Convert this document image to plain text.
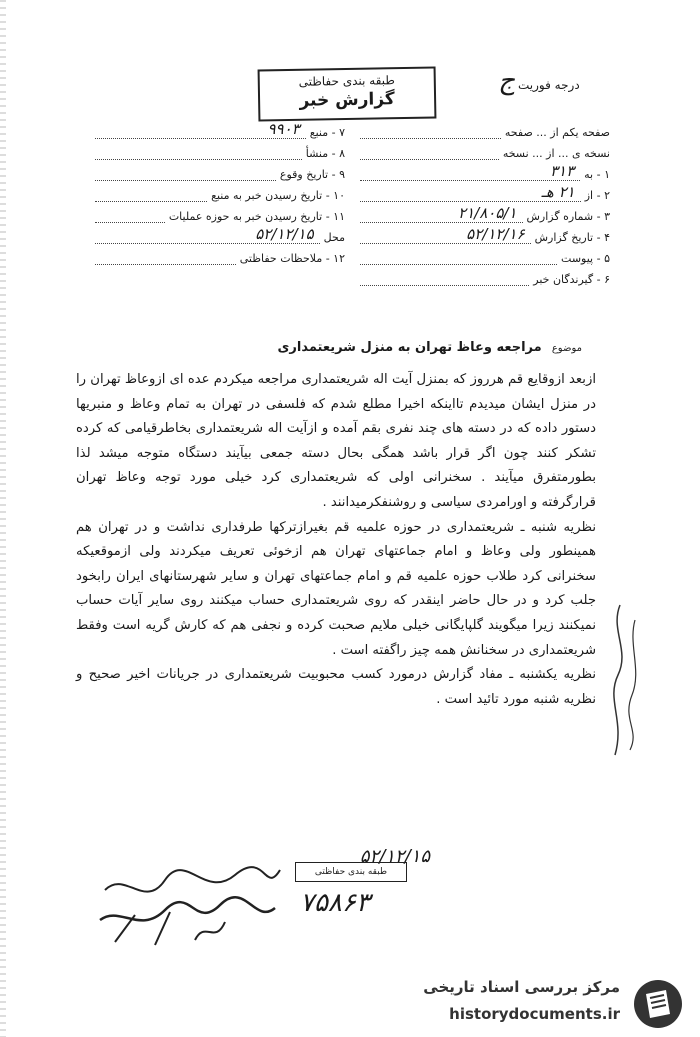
درجه فوریت
ج
طبقه بندی حفاظتی
گزارش خبر
صفحه یکم از ... صفحه
نسخه ی ... از ... نسخه
۱ - به
۳۱۳
۲ - از
۲۱ هـ
۳ - شماره گزارش
۲۱/۸۰۵/۱
۴ - تاریخ گزارش
۵۲/۱۲/۱۶
۵ - پیوست
۶ - گیرندگان خبر
۷ - منبع
۹۹۰۳
۸ - منشأ
۹ - تاریخ وقوع
۱۰ - تاریخ رسیدن خبر به منبع
۱۱ - تاریخ رسیدن خبر به حوزه عملیات
محل
۵۲/۱۲/۱۵
۱۲ - ملاحظات حفاظتی
موضوع مراجعه وعاظ تهران به منزل شریعتمداری

ازبعد ازوقایع قم هرروز که بمنزل آیت اله شریعتمداری مراجعه میکردم عده ای ازوعاظ تهران را در منزل ایشان میدیدم تااینکه اخیرا مطلع شدم که فلسفی در تهران به تمام وعاظ و منبریها دستور داده که در دسته های چند نفری بقم آمده و ازآیت اله شریعتمداری بخاطرقیامی که کرده تشکر کنند چون اگر قرار باشد همگی بحال دسته جمعی بیآیند دستگاه متوجه میشد لذا بطورمتفرق میآیند . سخنرانی اولی که شریعتمداری کرد خیلی مورد توجه وعاظ تهران قرارگرفته و اورامردی سیاسی و روشنفکرمیدانند .

نظریه شنبه ـ شریعتمداری در حوزه علمیه قم بغیرازترکها طرفداری نداشت و در تهران هم همینطور ولی وعاظ و امام جماعتهای تهران هم ازخوئی تعریف میکردند ولی ازموقعیکه سخنرانی کرد طلاب حوزه علمیه قم و امام جماعتهای تهران و سایر شهرستانهای ایران رابخود جلب کرد و در حال حاضر اینقدر که روی شریعتمداری حساب میکنند روی سایر آیات حساب نمیکنند زیرا میگویند گلپایگانی خیلی ملایم صحبت کرده و نجفی هم که کارش گریه است وفقط شریعتمداری در سخنانش همه چیز راگفته است .

نظریه یکشنبه ـ مفاد گزارش درمورد کسب محبوبیت شریعتمداری در جریانات اخیر صحیح و نظریه شنبه مورد تائید است .

۵۲/۱۲/۱۵
طبقه بندی حفاظتی
۷۵۸۶۳
مرکز بررسی اسناد تاریخی
historydocuments.ir
